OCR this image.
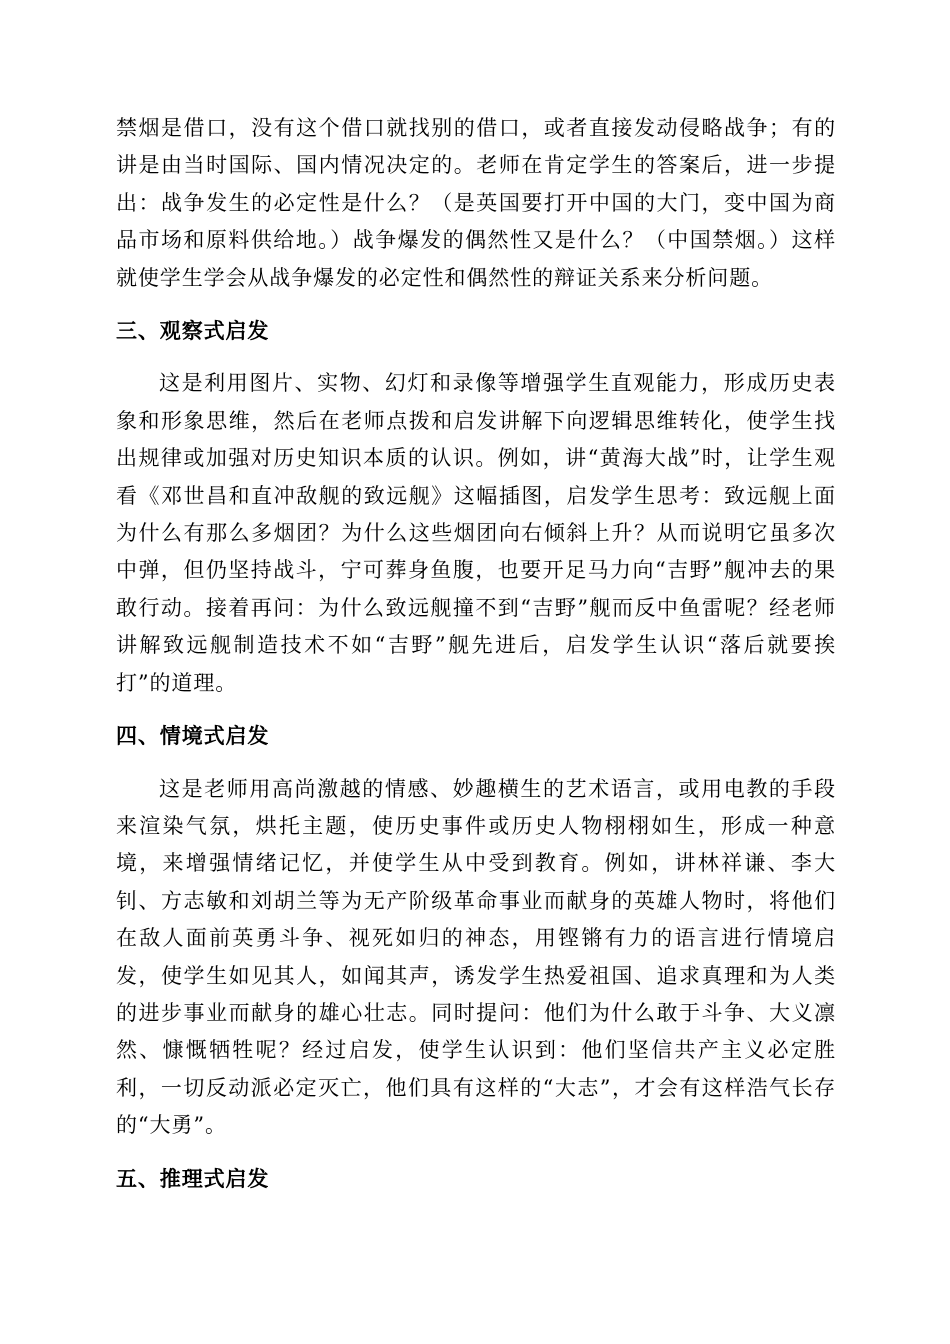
禁烟是借口，没有这个借口就找别的借口，或者直接发动侵略战争；有的讲是由当时国际、国内情况决定的。老师在肯定学生的答案后，进一步提出：战争发生的必定性是什么？（是英国要打开中国的大门，变中国为商品市场和原料供给地。）战争爆发的偶然性又是什么？（中国禁烟。）这样就使学生学会从战争爆发的必定性和偶然性的辩证关系来分析问题。

三、观察式启发

这是利用图片、实物、幻灯和录像等增强学生直观能力，形成历史表象和形象思维，然后在老师点拨和启发讲解下向逻辑思维转化，使学生找出规律或加强对历史知识本质的认识。例如，讲“黄海大战”时，让学生观看《邓世昌和直冲敌舰的致远舰》这幅插图，启发学生思考：致远舰上面为什么有那么多烟团？为什么这些烟团向右倾斜上升？从而说明它虽多次中弹，但仍坚持战斗，宁可葬身鱼腹，也要开足马力向“吉野”舰冲去的果敢行动。接着再问：为什么致远舰撞不到“吉野”舰而反中鱼雷呢？经老师讲解致远舰制造技术不如“吉野”舰先进后，启发学生认识“落后就要挨打”的道理。

四、情境式启发

这是老师用高尚激越的情感、妙趣横生的艺术语言，或用电教的手段来渲染气氛，烘托主题，使历史事件或历史人物栩栩如生，形成一种意境，来增强情绪记忆，并使学生从中受到教育。例如，讲林祥谦、李大钊、方志敏和刘胡兰等为无产阶级革命事业而献身的英雄人物时，将他们在敌人面前英勇斗争、视死如归的神态，用铿锵有力的语言进行情境启发，使学生如见其人，如闻其声，诱发学生热爱祖国、追求真理和为人类的进步事业而献身的雄心壮志。同时提问：他们为什么敢于斗争、大义凛然、慷慨牺牲呢？经过启发，使学生认识到：他们坚信共产主义必定胜利，一切反动派必定灭亡，他们具有这样的“大志”，才会有这样浩气长存的“大勇”。

五、推理式启发
